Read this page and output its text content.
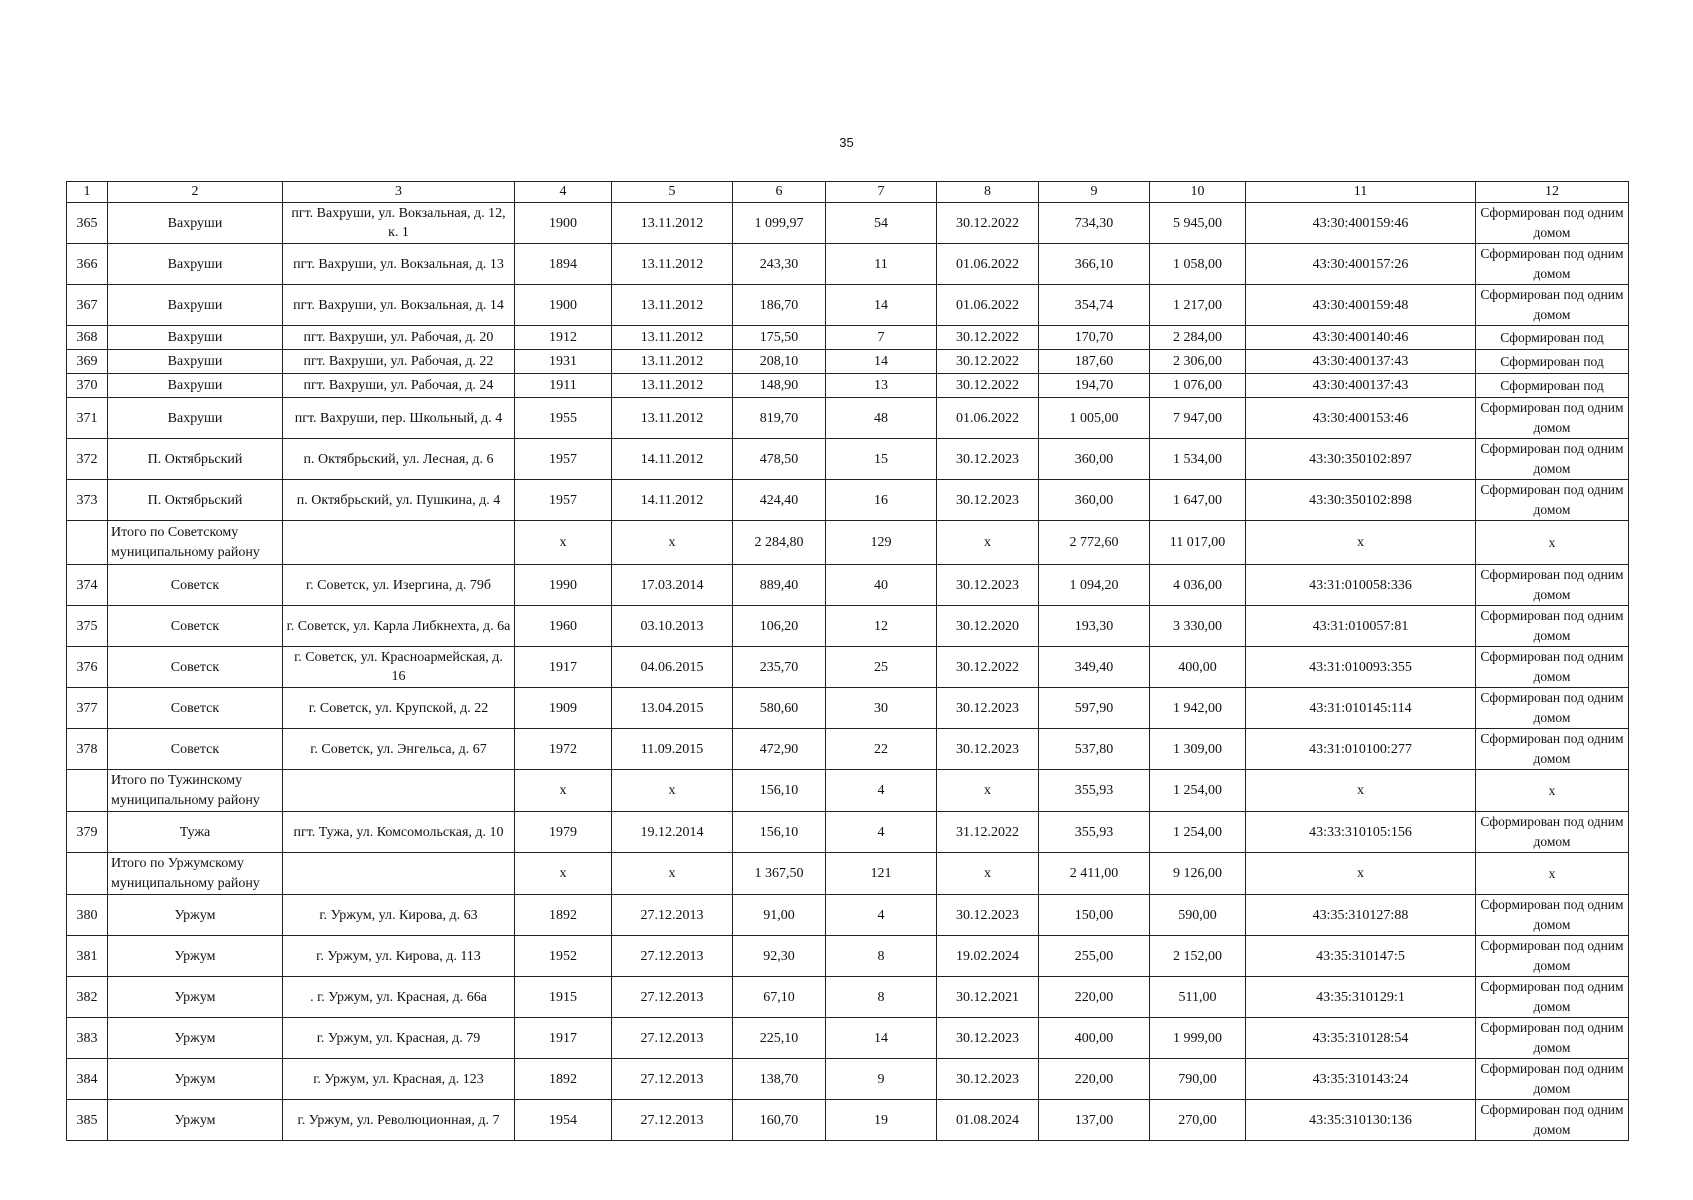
35
1	2	3	4	5	6	7	8	9	10	11	12
365	Вахруши	пгт. Вахруши, ул. Вокзальная, д. 12, к. 1	1900	13.11.2012	1 099,97	54	30.12.2022	734,30	5 945,00	43:30:400159:46	Сформирован под одним домом
366	Вахруши	пгт. Вахруши, ул. Вокзальная, д. 13	1894	13.11.2012	243,30	11	01.06.2022	366,10	1 058,00	43:30:400157:26	Сформирован под одним домом
367	Вахруши	пгт. Вахруши, ул. Вокзальная, д. 14	1900	13.11.2012	186,70	14	01.06.2022	354,74	1 217,00	43:30:400159:48	Сформирован под одним домом
368	Вахруши	пгт. Вахруши, ул. Рабочая, д. 20	1912	13.11.2012	175,50	7	30.12.2022	170,70	2 284,00	43:30:400140:46	Сформирован под
369	Вахруши	пгт. Вахруши, ул. Рабочая, д. 22	1931	13.11.2012	208,10	14	30.12.2022	187,60	2 306,00	43:30:400137:43	Сформирован под
370	Вахруши	пгт. Вахруши, ул. Рабочая, д. 24	1911	13.11.2012	148,90	13	30.12.2022	194,70	1 076,00	43:30:400137:43	Сформирован под
371	Вахруши	пгт. Вахруши, пер. Школьный, д. 4	1955	13.11.2012	819,70	48	01.06.2022	1 005,00	7 947,00	43:30:400153:46	Сформирован под одним домом
372	П. Октябрьский	п. Октябрьский, ул. Лесная, д. 6	1957	14.11.2012	478,50	15	30.12.2023	360,00	1 534,00	43:30:350102:897	Сформирован под одним домом
373	П. Октябрьский	п. Октябрьский, ул. Пушкина, д. 4	1957	14.11.2012	424,40	16	30.12.2023	360,00	1 647,00	43:30:350102:898	Сформирован под одним домом
	Итого по Советскому муниципальному району		х	х	2 284,80	129	х	2 772,60	11 017,00	х	х
374	Советск	г. Советск, ул. Изергина, д. 79б	1990	17.03.2014	889,40	40	30.12.2023	1 094,20	4 036,00	43:31:010058:336	Сформирован под одним домом
375	Советск	г. Советск, ул. Карла Либкнехта, д. 6а	1960	03.10.2013	106,20	12	30.12.2020	193,30	3 330,00	43:31:010057:81	Сформирован под одним домом
376	Советск	г. Советск, ул. Красноармейская, д. 16	1917	04.06.2015	235,70	25	30.12.2022	349,40	400,00	43:31:010093:355	Сформирован под одним домом
377	Советск	г. Советск, ул. Крупской, д. 22	1909	13.04.2015	580,60	30	30.12.2023	597,90	1 942,00	43:31:010145:114	Сформирован под одним домом
378	Советск	г. Советск, ул. Энгельса, д. 67	1972	11.09.2015	472,90	22	30.12.2023	537,80	1 309,00	43:31:010100:277	Сформирован под одним домом
	Итого по Тужинскому муниципальному району		х	х	156,10	4	х	355,93	1 254,00	х	х
379	Тужа	пгт. Тужа, ул. Комсомольская, д. 10	1979	19.12.2014	156,10	4	31.12.2022	355,93	1 254,00	43:33:310105:156	Сформирован под одним домом
	Итого по Уржумскому муниципальному району		х	х	1 367,50	121	х	2 411,00	9 126,00	х	х
380	Уржум	г. Уржум, ул. Кирова, д. 63	1892	27.12.2013	91,00	4	30.12.2023	150,00	590,00	43:35:310127:88	Сформирован под одним домом
381	Уржум	г. Уржум, ул. Кирова, д. 113	1952	27.12.2013	92,30	8	19.02.2024	255,00	2 152,00	43:35:310147:5	Сформирован под одним домом
382	Уржум	. г. Уржум, ул. Красная, д. 66а	1915	27.12.2013	67,10	8	30.12.2021	220,00	511,00	43:35:310129:1	Сформирован под одним домом
383	Уржум	г. Уржум, ул. Красная, д. 79	1917	27.12.2013	225,10	14	30.12.2023	400,00	1 999,00	43:35:310128:54	Сформирован под одним домом
384	Уржум	г. Уржум, ул. Красная, д. 123	1892	27.12.2013	138,70	9	30.12.2023	220,00	790,00	43:35:310143:24	Сформирован под одним домом
385	Уржум	г. Уржум, ул. Революционная, д. 7	1954	27.12.2013	160,70	19	01.08.2024	137,00	270,00	43:35:310130:136	Сформирован под одним домом
